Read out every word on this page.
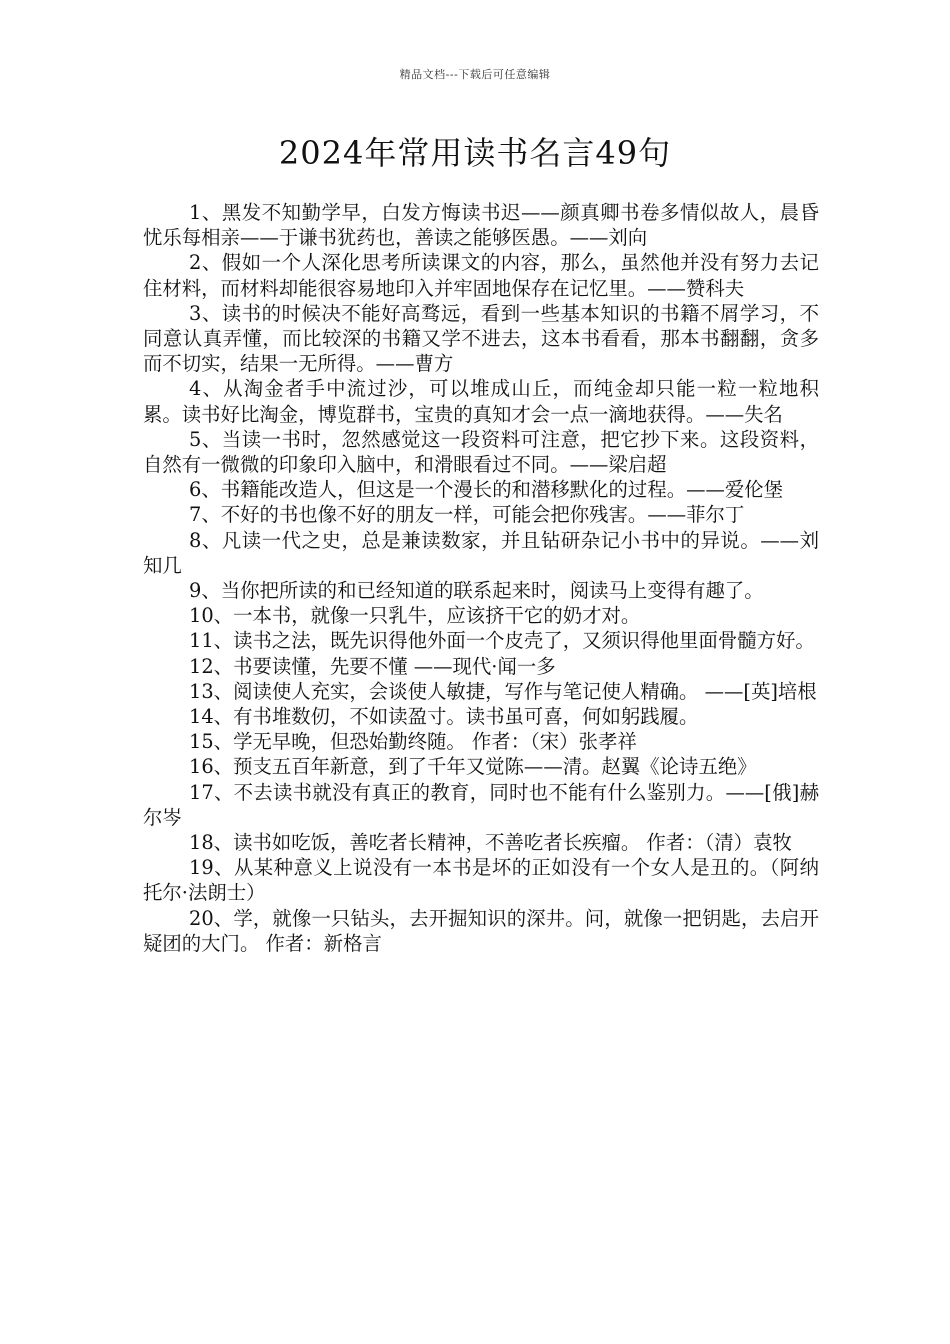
精品文档---下载后可任意编辑
2024年常用读书名言49句

1、黑发不知勤学早，白发方悔读书迟——颜真卿书卷多情似故人，晨昏忧乐每相亲——于谦书犹药也，善读之能够医愚。——刘向

2、假如一个人深化思考所读课文的内容，那么，虽然他并没有努力去记住材料，而材料却能很容易地印入并牢固地保存在记忆里。——赞科夫

3、读书的时候决不能好高骛远，看到一些基本知识的书籍不屑学习，不同意认真弄懂，而比较深的书籍又学不进去，这本书看看，那本书翻翻，贪多而不切实，结果一无所得。——曹方

4、从淘金者手中流过沙，可以堆成山丘，而纯金却只能一粒一粒地积累。读书好比淘金，博览群书，宝贵的真知才会一点一滴地获得。——失名

5、当读一书时，忽然感觉这一段资料可注意，把它抄下来。这段资料，自然有一微微的印象印入脑中，和滑眼看过不同。——梁启超

6、书籍能改造人，但这是一个漫长的和潜移默化的过程。——爱伦堡

7、不好的书也像不好的朋友一样，可能会把你残害。——菲尔丁

8、凡读一代之史，总是兼读数家，并且钻研杂记小书中的异说。——刘知几

9、当你把所读的和已经知道的联系起来时，阅读马上变得有趣了。

10、一本书，就像一只乳牛，应该挤干它的奶才对。

11、读书之法，既先识得他外面一个皮壳了，又须识得他里面骨髓方好。

12、书要读懂，先要不懂 ——现代·闻一多

13、阅读使人充实，会谈使人敏捷，写作与笔记使人精确。 ——[英]培根

14、有书堆数仞，不如读盈寸。读书虽可喜，何如躬践履。

15、学无早晚，但恐始勤终随。 作者：（宋）张孝祥

16、预支五百年新意，到了千年又觉陈——清。赵翼《论诗五绝》

17、不去读书就没有真正的教育，同时也不能有什么鉴别力。——[俄]赫尔岑

18、读书如吃饭，善吃者长精神，不善吃者长疾瘤。 作者：（清）袁牧

19、从某种意义上说没有一本书是坏的正如没有一个女人是丑的。（阿纳托尔·法朗士）

20、学，就像一只钻头，去开掘知识的深井。问，就像一把钥匙，去启开疑团的大门。 作者：新格言
